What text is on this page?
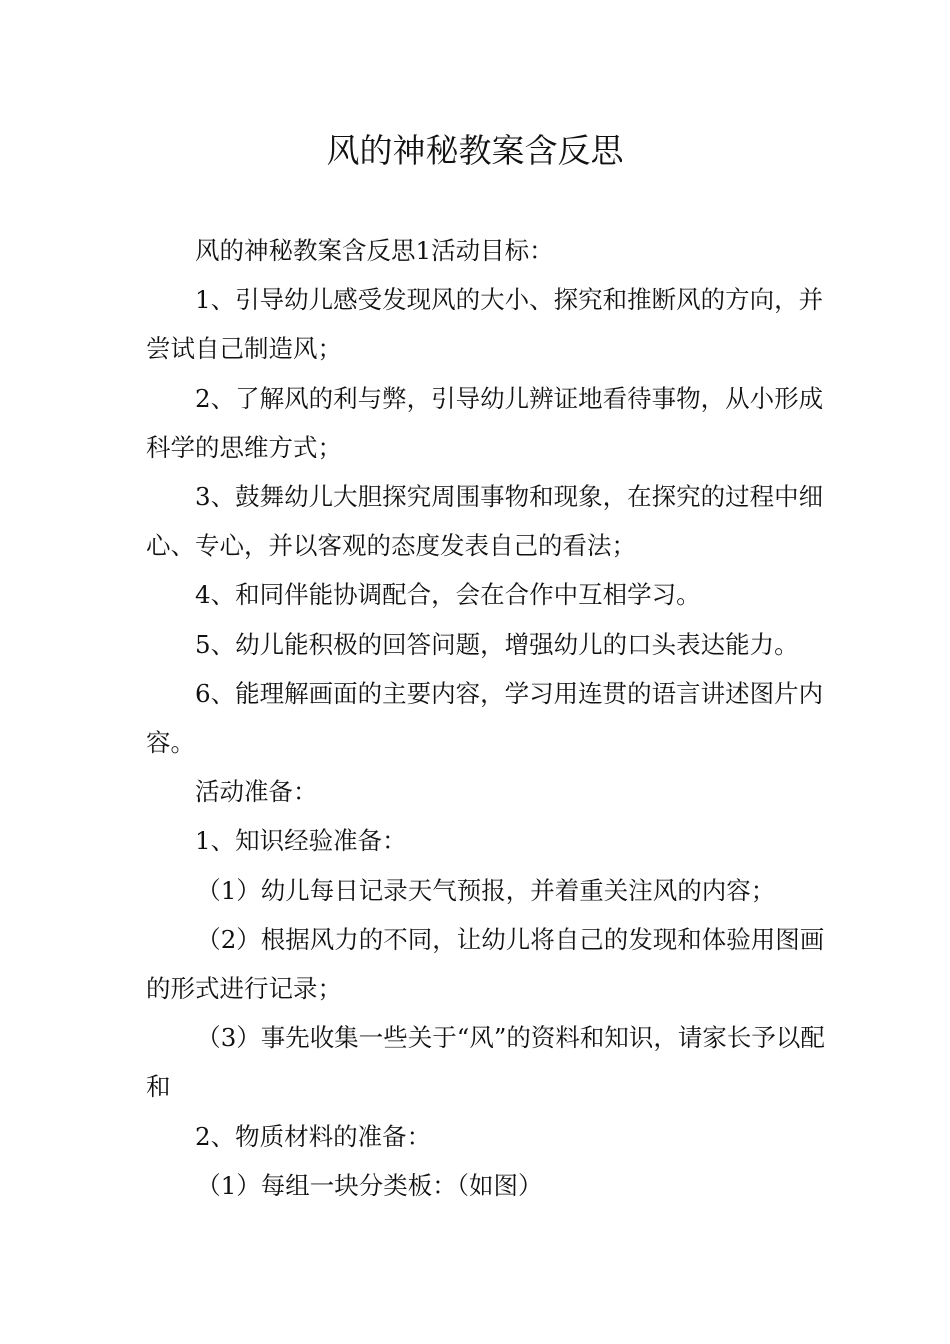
风的神秘教案含反思

风的神秘教案含反思1活动目标：

1、引导幼儿感受发现风的大小、探究和推断风的方向，并尝试自己制造风；

2、了解风的利与弊，引导幼儿辨证地看待事物，从小形成科学的思维方式；

3、鼓舞幼儿大胆探究周围事物和现象，在探究的过程中细心、专心，并以客观的态度发表自己的看法；

4、和同伴能协调配合，会在合作中互相学习。

5、幼儿能积极的回答问题，增强幼儿的口头表达能力。

6、能理解画面的主要内容，学习用连贯的语言讲述图片内容。

活动准备：

1、知识经验准备：

（1）幼儿每日记录天气预报，并着重关注风的内容；

（2）根据风力的不同，让幼儿将自己的发现和体验用图画的形式进行记录；

（3）事先收集一些关于“风”的资料和知识，请家长予以配和

2、物质材料的准备：

（1）每组一块分类板：（如图）
